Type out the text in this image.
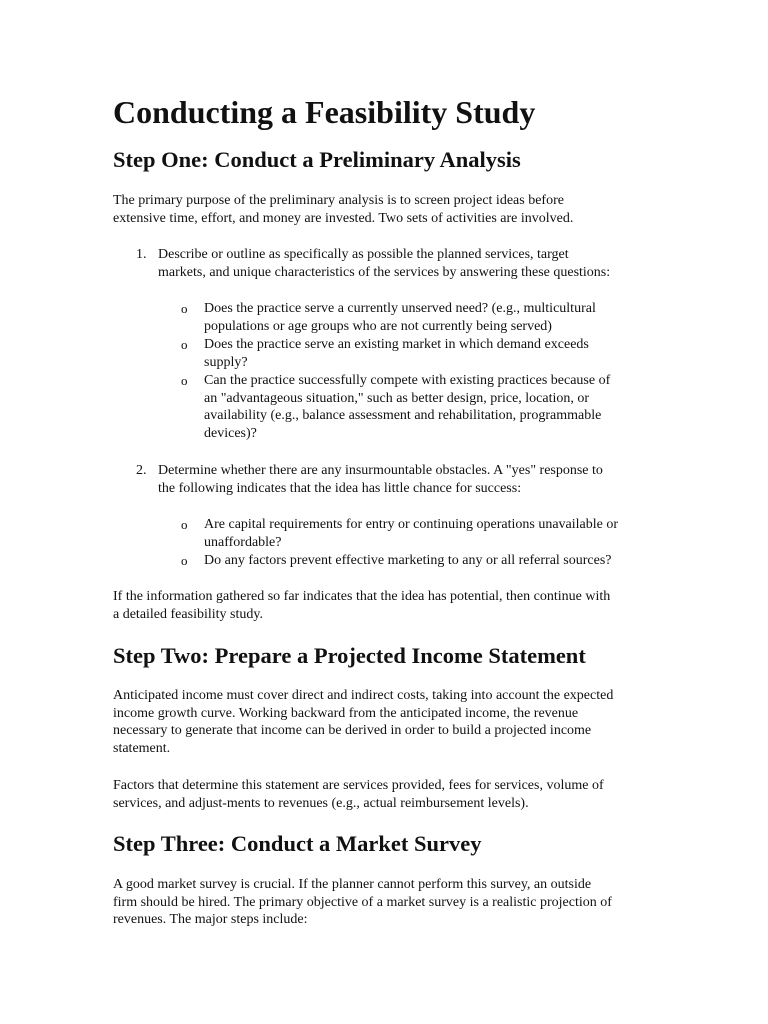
Conducting a Feasibility Study
Step One: Conduct a Preliminary Analysis

The primary purpose of the preliminary analysis is to screen project ideas before
extensive time, effort, and money are invested. Two sets of activities are involved.

1. Describe or outline as specifically as possible the planned services, target
markets, and unique characteristics of the services by answering these questions:

o Does the practice serve a currently unserved need? (e.g., multicultural
populations or age groups who are not currently being served)

o Does the practice serve an existing market in which demand exceeds
supply?

o Can the practice successfully compete with existing practices because of
an "advantageous situation," such as better design, price, location, or
availability (e.g., balance assessment and rehabilitation, programmable
devices)?

2. Determine whether there are any insurmountable obstacles. A "yes" response to
the following indicates that the idea has little chance for success:

o Are capital requirements for entry or continuing operations unavailable or
unaffordable?

o Do any factors prevent effective marketing to any or all referral sources?

If the information gathered so far indicates that the idea has potential, then continue with
a detailed feasibility study.

Step Two: Prepare a Projected Income Statement

Anticipated income must cover direct and indirect costs, taking into account the expected
income growth curve. Working backward from the anticipated income, the revenue
necessary to generate that income can be derived in order to build a projected income
statement.

Factors that determine this statement are services provided, fees for services, volume of
services, and adjust-ments to revenues (e.g., actual reimbursement levels).

Step Three: Conduct a Market Survey

A good market survey is crucial. If the planner cannot perform this survey, an outside
firm should be hired. The primary objective of a market survey is a realistic projection of
revenues. The major steps include:
